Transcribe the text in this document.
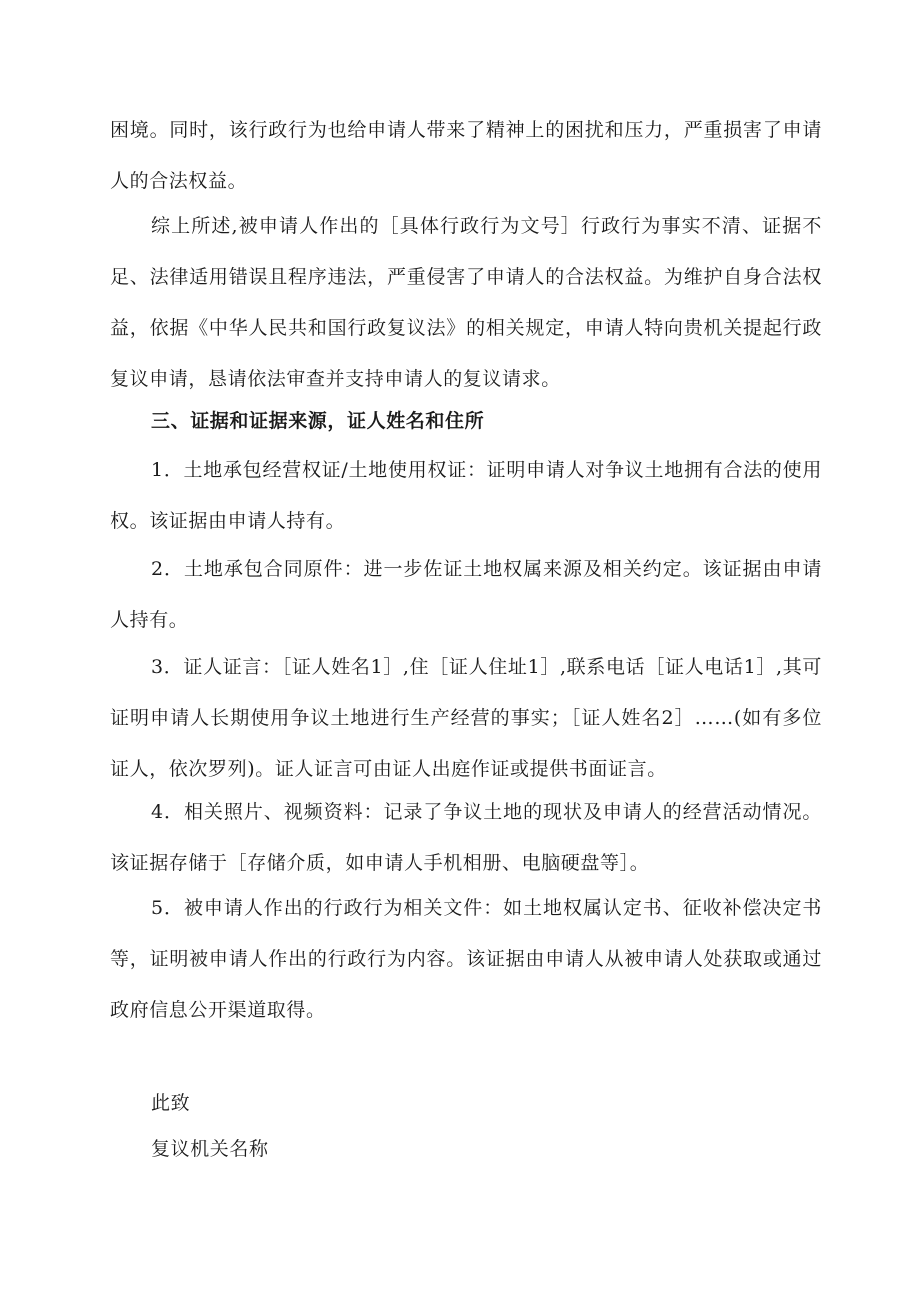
困境。同时，该行政行为也给申请人带来了精神上的困扰和压力，严重损害了申请人的合法权益。

综上所述,被申请人作出的［具体行政行为文号］行政行为事实不清、证据不足、法律适用错误且程序违法，严重侵害了申请人的合法权益。为维护自身合法权益，依据《中华人民共和国行政复议法》的相关规定，申请人特向贵机关提起行政复议申请，恳请依法审查并支持申请人的复议请求。

三、证据和证据来源，证人姓名和住所

1．土地承包经营权证/土地使用权证：证明申请人对争议土地拥有合法的使用权。该证据由申请人持有。

2．土地承包合同原件：进一步佐证土地权属来源及相关约定。该证据由申请人持有。

3．证人证言：［证人姓名1］,住［证人住址1］,联系电话［证人电话1］,其可证明申请人长期使用争议土地进行生产经营的事实；［证人姓名2］……(如有多位证人，依次罗列)。证人证言可由证人出庭作证或提供书面证言。

4．相关照片、视频资料：记录了争议土地的现状及申请人的经营活动情况。该证据存储于［存储介质，如申请人手机相册、电脑硬盘等］。

5．被申请人作出的行政行为相关文件：如土地权属认定书、征收补偿决定书等，证明被申请人作出的行政行为内容。该证据由申请人从被申请人处获取或通过政府信息公开渠道取得。

此致

复议机关名称
